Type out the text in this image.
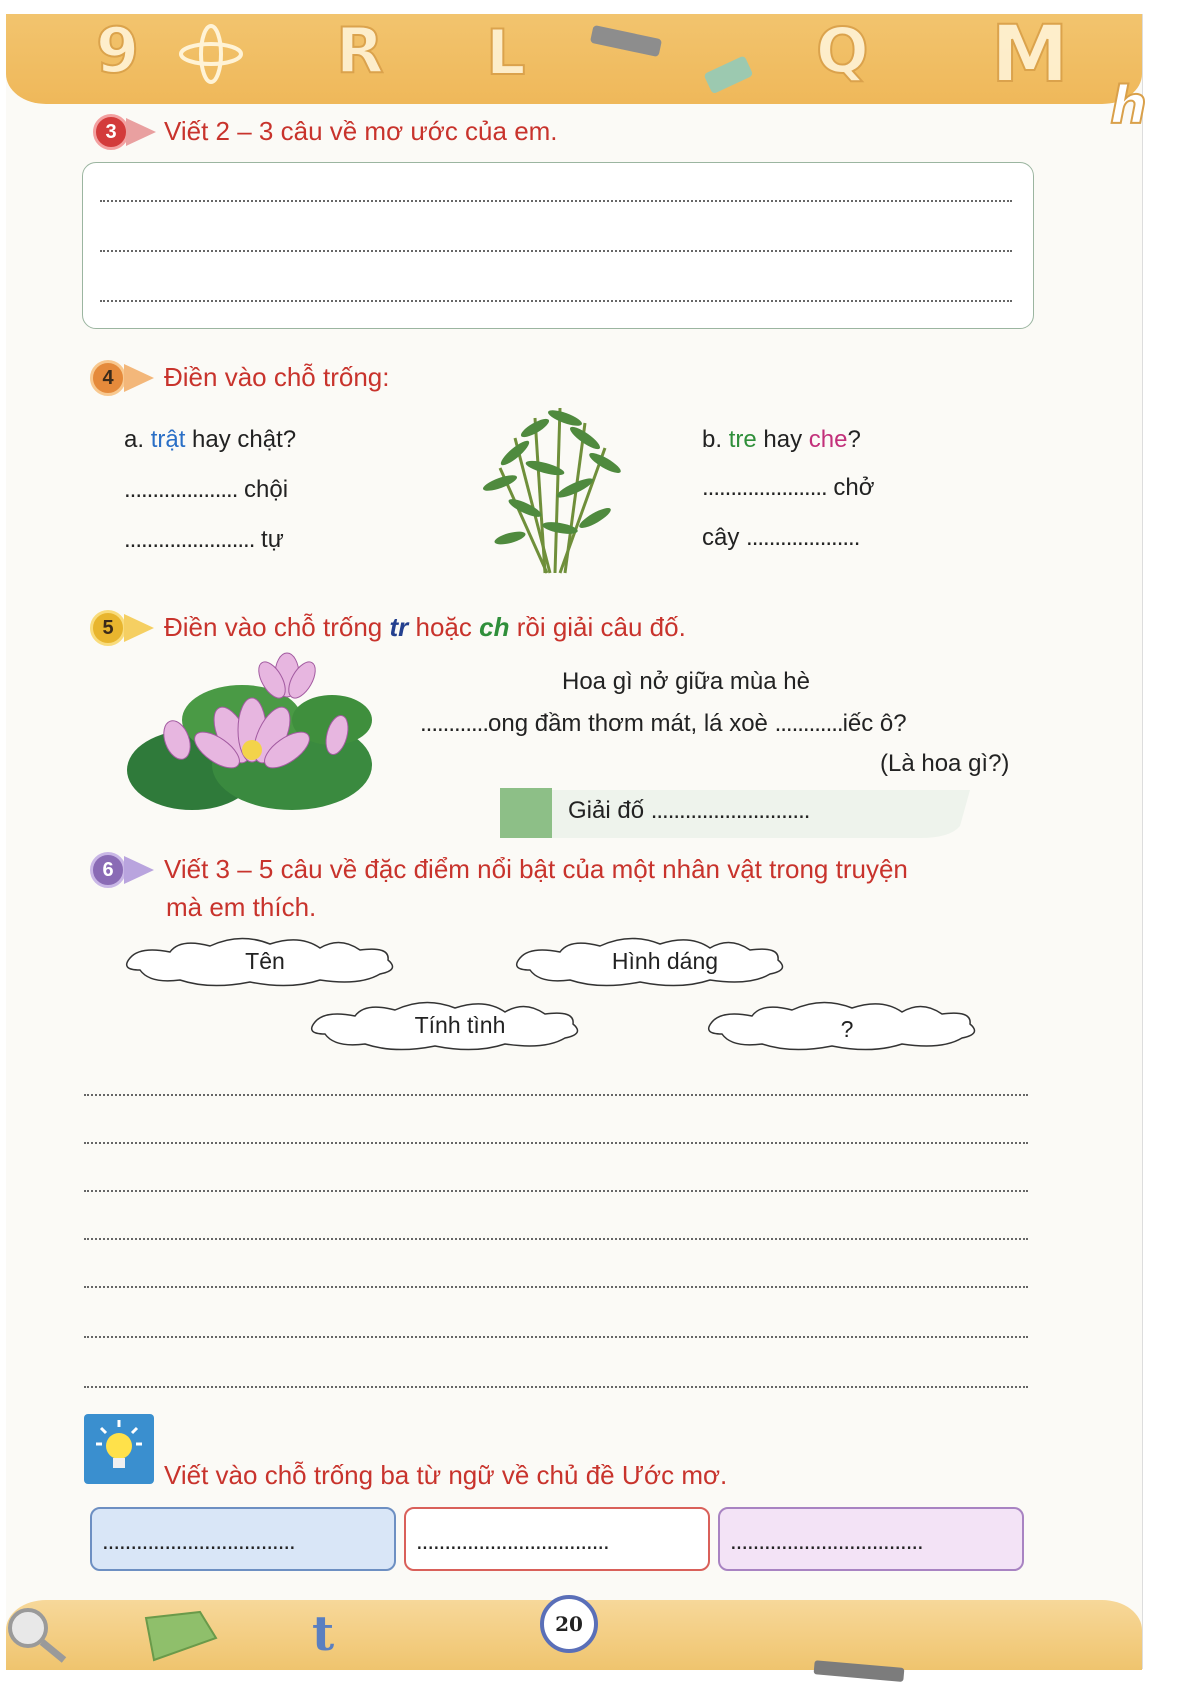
9	R L	Q M
h
3	Viết 2 – 3 câu về mơ ước của em.
4	Điền vào chỗ trống:
a. trật hay chật?
.................... chội
....................... tự
b. tre hay che?
...................... chở
cây ....................
5	Điền vào chỗ trống tr hoặc ch rồi giải câu đố.
Hoa gì nở giữa mùa hè
............ong đầm thơm mát, lá xoè ............iếc ô?
(Là hoa gì?)
Giải đố ............................
6	Viết 3 – 5 câu về đặc điểm nổi bật của một nhân vật trong truyện
mà em thích.
Tên	Hình dáng
Tính tình	?
Viết vào chỗ trống ba từ ngữ về chủ đề Ước mơ.
..................................	..................................	..................................
t	20
